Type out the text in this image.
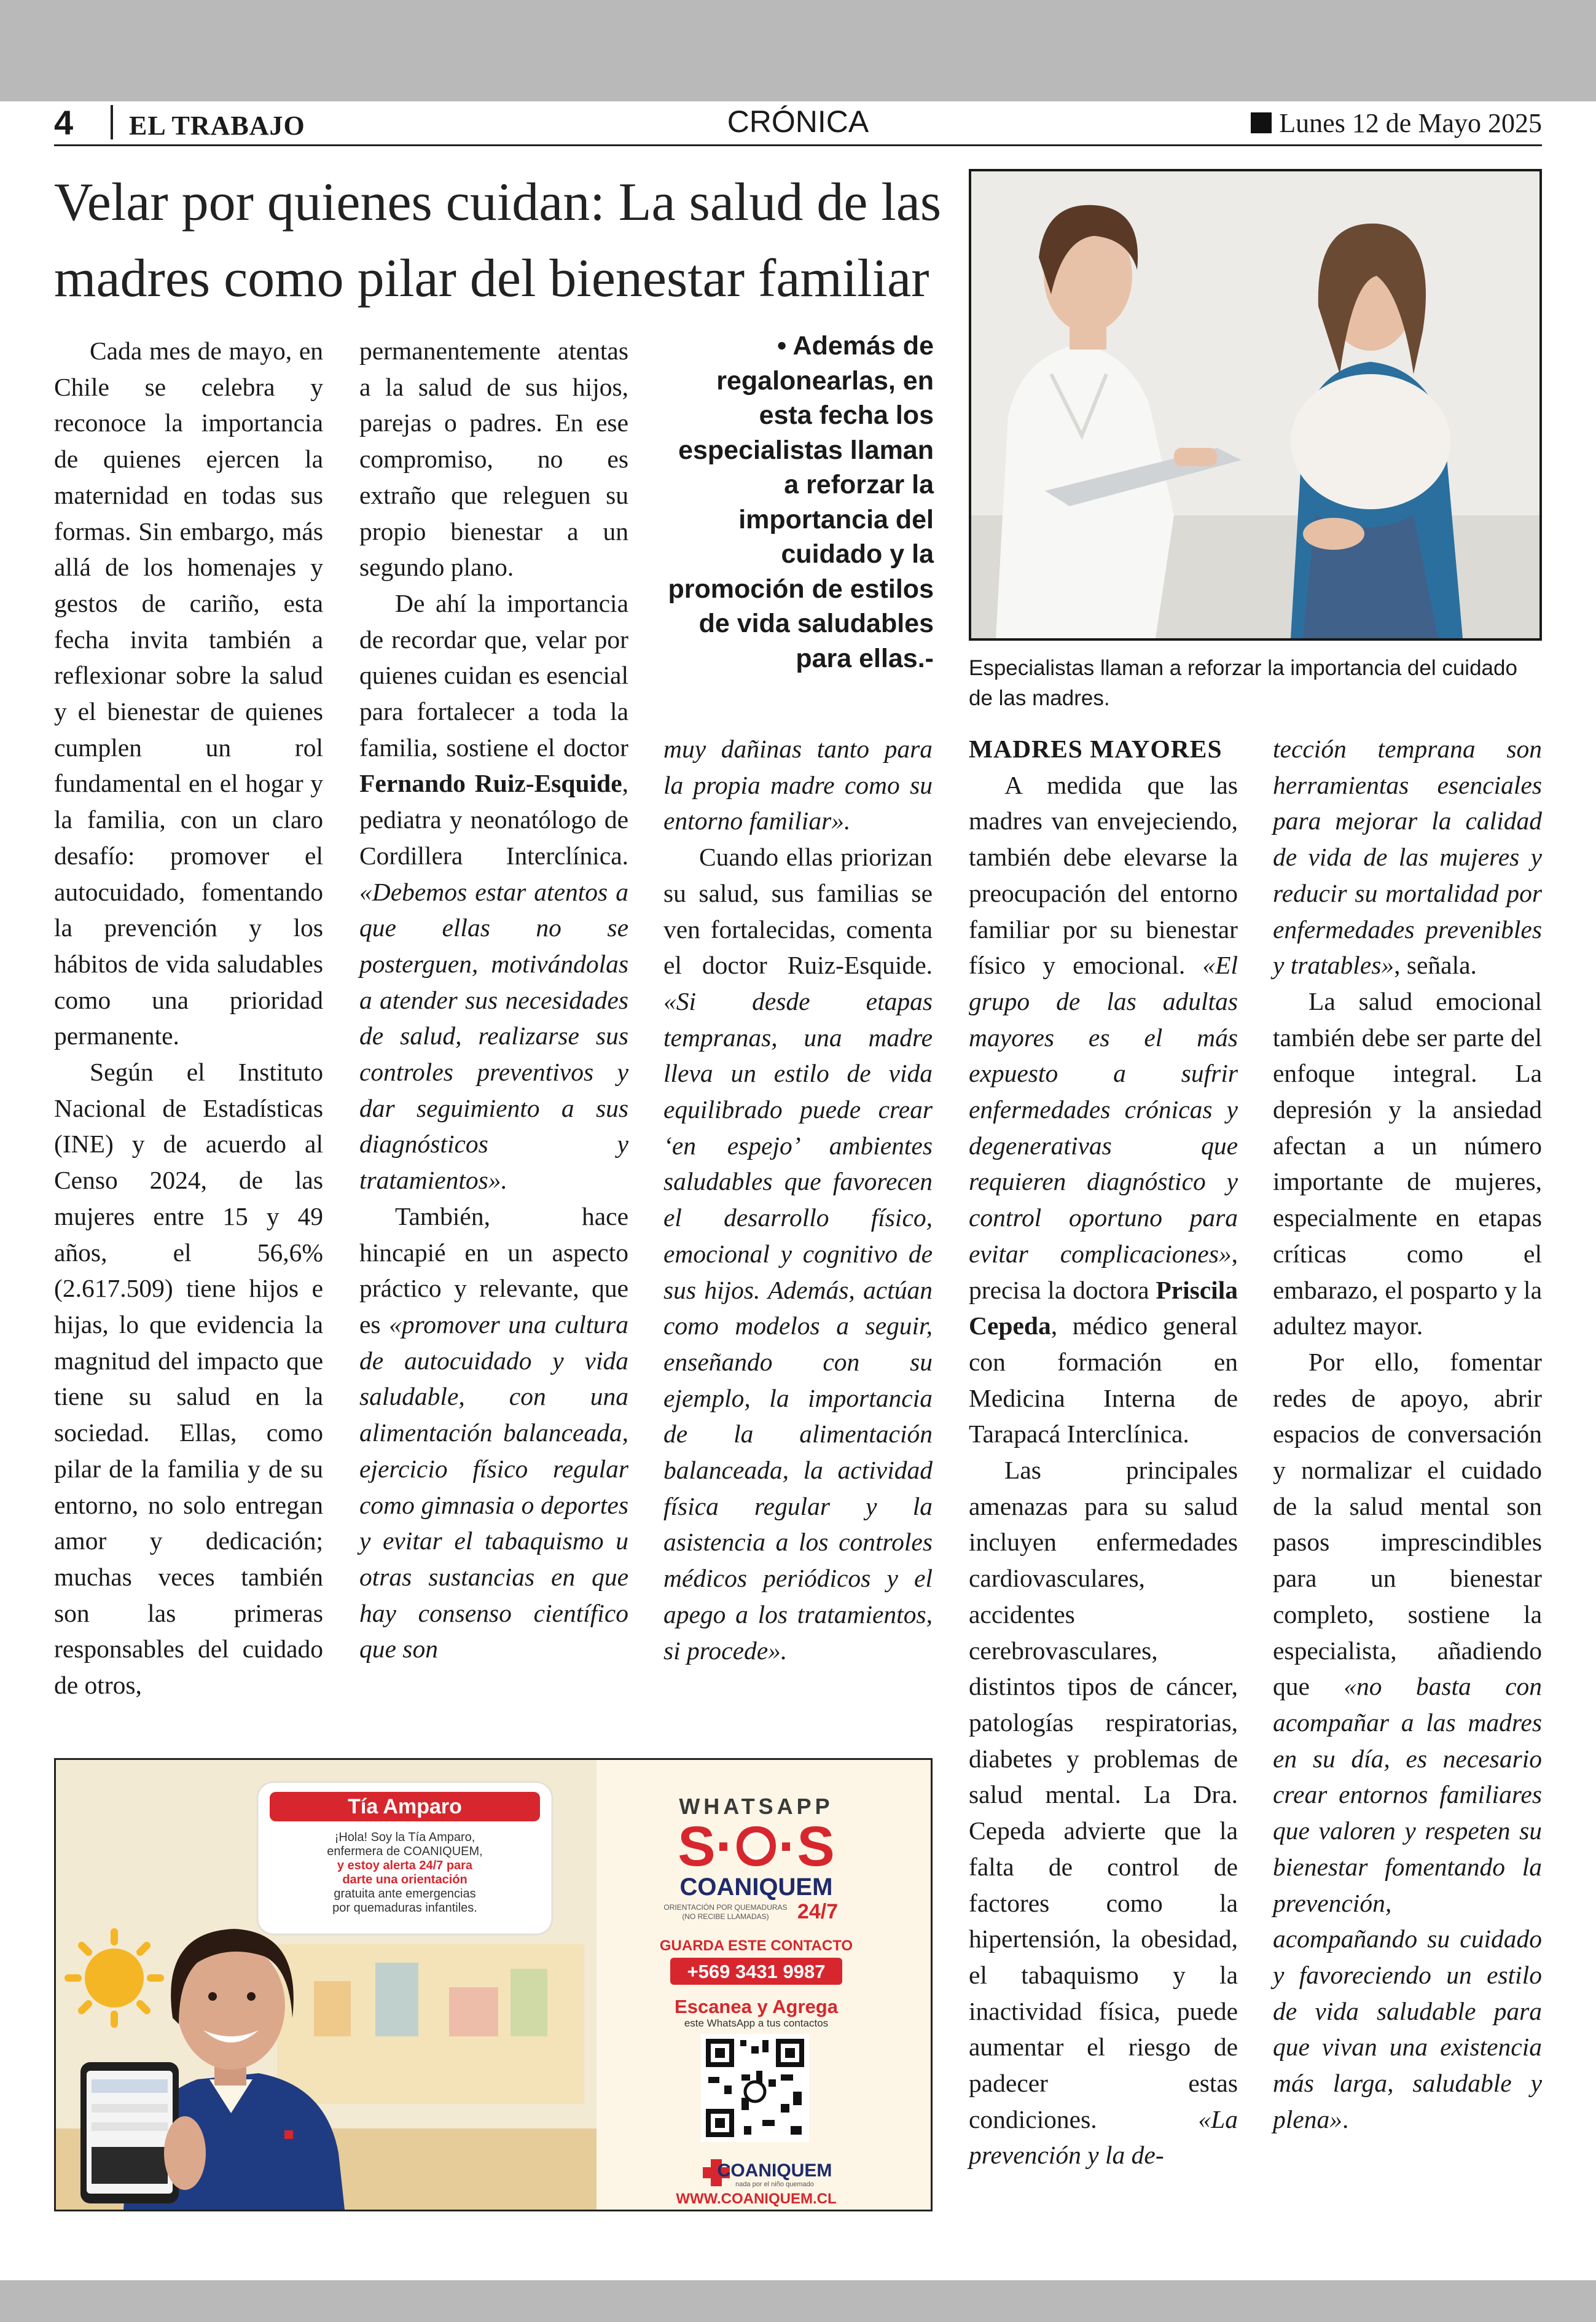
4 EL TRABAJO	CRÓNICA	Lunes 12 de Mayo 2025
Velar por quienes cuidan: La salud de las madres como pilar del bienestar familiar

Cada mes de mayo, en Chile se celebra y reconoce la importancia de quienes ejercen la maternidad en todas sus formas. Sin embargo, más allá de los homenajes y gestos de cariño, esta fecha invita también a reflexionar sobre la salud y el bienestar de quienes cumplen un rol fundamental en el hogar y la familia, con un claro desafío: promover el autocuidado, fomentando la prevención y los hábitos de vida saludables como una prioridad permanente.

Según el Instituto Nacional de Estadísticas (INE) y de acuerdo al Censo 2024, de las mujeres entre 15 y 49 años, el 56,6% (2.617.509) tiene hijos e hijas, lo que evidencia la magnitud del impacto que tiene su salud en la sociedad. Ellas, como pilar de la familia y de su entorno, no solo entregan amor y dedicación; muchas veces también son las primeras responsables del cuidado de otros,

permanentemente atentas a la salud de sus hijos, parejas o padres. En ese compromiso, no es extraño que releguen su propio bienestar a un segundo plano.

De ahí la importancia de recordar que, velar por quienes cuidan es esencial para fortalecer a toda la familia, sostiene el doctor Fernando Ruiz-Esquide, pediatra y neonatólogo de Cordillera Interclínica. «Debemos estar atentos a que ellas no se posterguen, motivándolas a atender sus necesidades de salud, realizarse sus controles preventivos y dar seguimiento a sus diagnósticos y tratamientos».

También, hace hincapié en un aspecto práctico y relevante, que es «promover una cultura de autocuidado y vida saludable, con una alimentación balanceada, ejercicio físico regular como gimnasia o deportes y evitar el tabaquismo u otras sustancias en que hay consenso científico que son

• Además de regalonearlas, en esta fecha los especialistas llaman a reforzar la importancia del cuidado y la promoción de estilos de vida saludables para ellas.-

muy dañinas tanto para la propia madre como su entorno familiar».

Cuando ellas priorizan su salud, sus familias se ven fortalecidas, comenta el doctor Ruiz-Esquide. «Si desde etapas tempranas, una madre lleva un estilo de vida equilibrado puede crear ‘en espejo’ ambientes saludables que favorecen el desarrollo físico, emocional y cognitivo de sus hijos. Además, actúan como modelos a seguir, enseñando con su ejemplo, la importancia de la alimentación balanceada, la actividad física regular y la asistencia a los controles médicos periódicos y el apego a los tratamientos, si procede».

Especialistas llaman a reforzar la importancia del cuidado de las madres.

MADRES MAYORES

A medida que las madres van envejeciendo, también debe elevarse la preocupación del entorno familiar por su bienestar físico y emocional. «El grupo de las adultas mayores es el más expuesto a sufrir enfermedades crónicas y degenerativas que requieren diagnóstico y control oportuno para evitar complicaciones», precisa la doctora Priscila Cepeda, médico general con formación en Medicina Interna de Tarapacá Interclínica.

Las principales amenazas para su salud incluyen enfermedades cardiovasculares, accidentes cerebrovasculares, distintos tipos de cáncer, patologías respiratorias, diabetes y problemas de salud mental. La Dra. Cepeda advierte que la falta de control de factores como la hipertensión, la obesidad, el tabaquismo y la inactividad física, puede aumentar el riesgo de padecer estas condiciones. «La prevención y la de-

tección temprana son herramientas esenciales para mejorar la calidad de vida de las mujeres y reducir su mortalidad por enfermedades prevenibles y tratables», señala.

La salud emocional también debe ser parte del enfoque integral. La depresión y la ansiedad afectan a un número importante de mujeres, especialmente en etapas críticas como el embarazo, el posparto y la adultez mayor.

Por ello, fomentar redes de apoyo, abrir espacios de conversación y normalizar el cuidado de la salud mental son pasos imprescindibles para un bienestar completo, sostiene la especialista, añadiendo que «no basta con acompañar a las madres en su día, es necesario crear entornos familiares que valoren y respeten su bienestar fomentando la prevención, acompañando su cuidado y favoreciendo un estilo de vida saludable para que vivan una existencia más larga, saludable y plena».

Tía Amparo
¡Hola! Soy la Tía Amparo,
enfermera de COANIQUEM,
y estoy alerta 24/7 para
darte una orientación
gratuita ante emergencias
por quemaduras infantiles.
WHATSAPP
S·O·S
COANIQUEM
ORIENTACIÓN POR QUEMADURAS
(NO RECIBE LLAMADAS) 24/7
GUARDA ESTE CONTACTO
+569 3431 9987
Escanea y Agrega
este WhatsApp a tus contactos
COANIQUEM
nada por el niño quemado
WWW.COANIQUEM.CL
